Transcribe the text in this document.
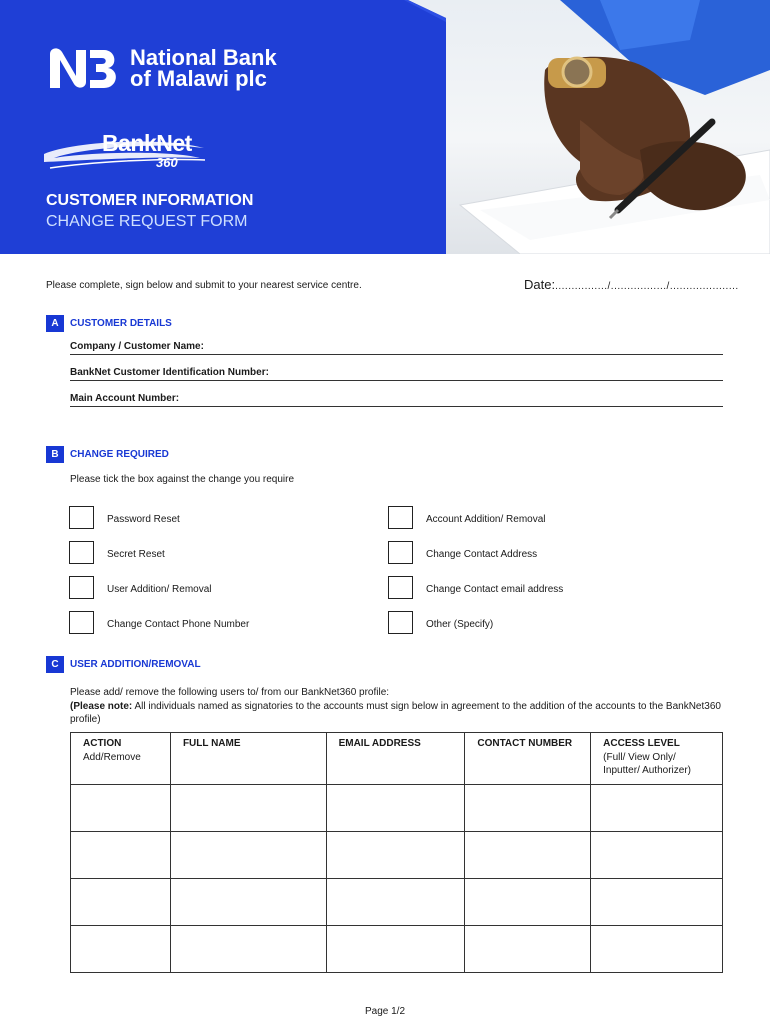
National Bank
of Malawi plc
BankNet
360
CUSTOMER INFORMATION
CHANGE REQUEST FORM
Please complete, sign below and submit to your nearest service centre.	Date:................/................./.....................
A	CUSTOMER DETAILS
Company / Customer Name:
BankNet Customer Identification Number:
Main Account Number:
B	CHANGE REQUIRED
Please tick the box against the change you require
Password Reset
Secret Reset
User Addition/ Removal
Change Contact Phone Number
Account Addition/ Removal
Change Contact Address
Change Contact email address
Other (Specify)
C	USER ADDITION/REMOVAL
Please add/ remove the following users to/ from our BankNet360 profile:
(Please note: All individuals named as signatories to the accounts must sign below in agreement to the addition of the accounts to the BankNet360 profile)
ACTION
Add/Remove	FULL NAME	EMAIL ADDRESS	CONTACT NUMBER	ACCESS LEVEL
(Full/ View Only/ Inputter/ Authorizer)

Page 1/2
